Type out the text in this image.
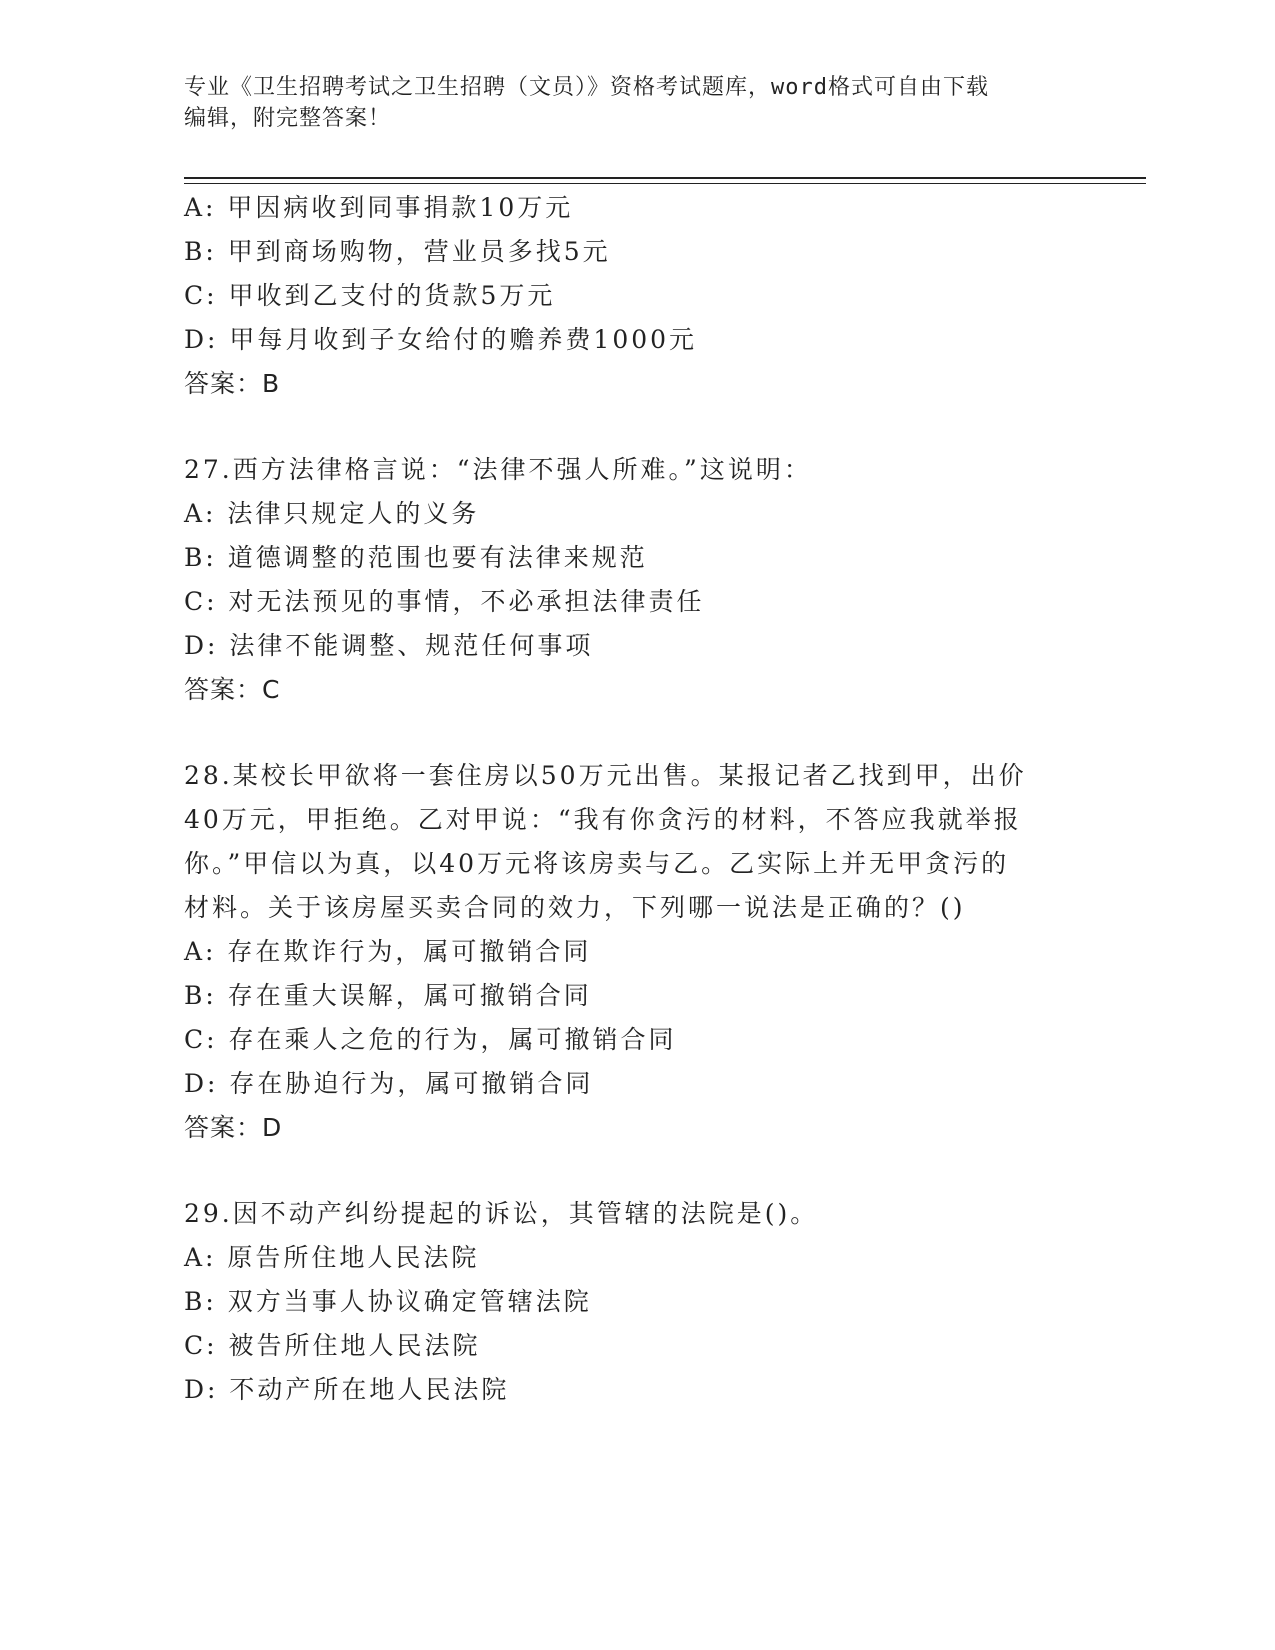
专业《卫生招聘考试之卫生招聘（文员）》资格考试题库，word格式可自由下载
编辑，附完整答案！
A: 甲因病收到同事捐款10万元
B: 甲到商场购物，营业员多找5元
C: 甲收到乙支付的货款5万元
D: 甲每月收到子女给付的赡养费1000元
答案：B
27.西方法律格言说：“法律不强人所难。”这说明：
A: 法律只规定人的义务
B: 道德调整的范围也要有法律来规范
C: 对无法预见的事情，不必承担法律责任
D: 法律不能调整、规范任何事项
答案：C
28.某校长甲欲将一套住房以50万元出售。某报记者乙找到甲，出价
40万元，甲拒绝。乙对甲说：“我有你贪污的材料，不答应我就举报
你。”甲信以为真，以40万元将该房卖与乙。乙实际上并无甲贪污的
材料。关于该房屋买卖合同的效力，下列哪一说法是正确的？()
A: 存在欺诈行为，属可撤销合同
B: 存在重大误解，属可撤销合同
C: 存在乘人之危的行为，属可撤销合同
D: 存在胁迫行为，属可撤销合同
答案：D
29.因不动产纠纷提起的诉讼，其管辖的法院是()。
A: 原告所住地人民法院
B: 双方当事人协议确定管辖法院
C: 被告所住地人民法院
D: 不动产所在地人民法院
